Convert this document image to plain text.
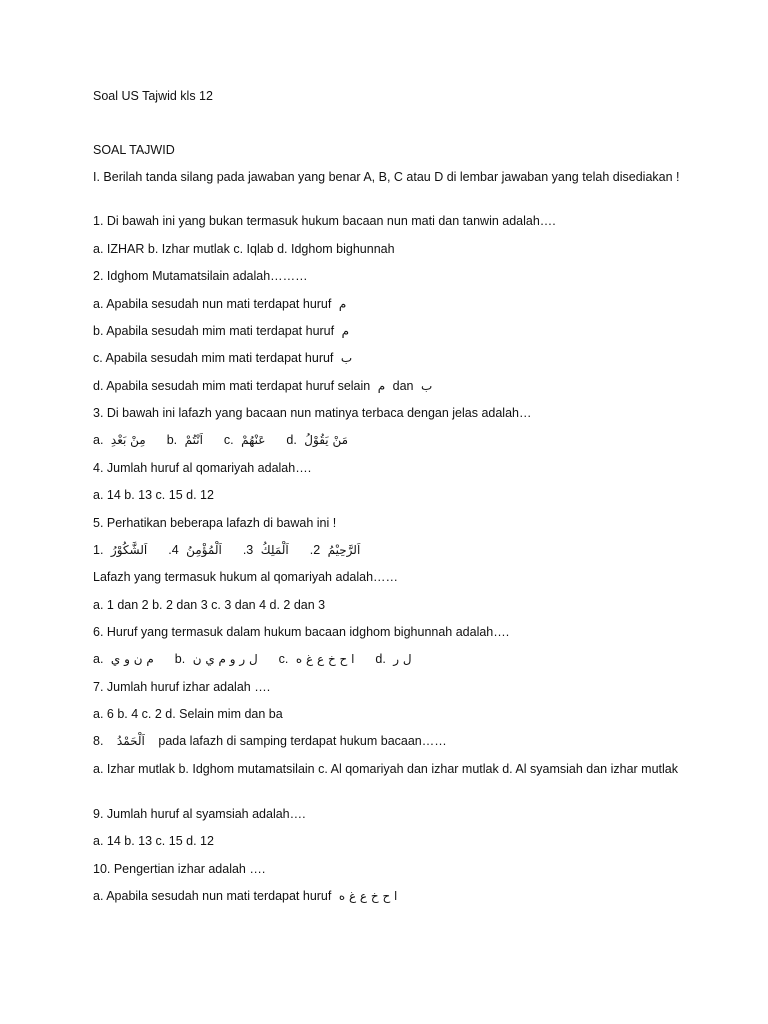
Soal US Tajwid kls 12
SOAL TAJWID
I. Berilah tanda silang pada jawaban yang benar A, B, C atau D di lembar jawaban yang telah disediakan !
1. Di bawah ini yang bukan termasuk hukum bacaan nun mati dan tanwin adalah….
a. IZHAR b. Izhar mutlak c. Iqlab d. Idghom bighunnah
2. Idghom Mutamatsilain adalah………
a. Apabila sesudah nun mati terdapat huruf م
b. Apabila sesudah mim mati terdapat huruf م
c. Apabila sesudah mim mati terdapat huruf ب
d. Apabila sesudah mim mati terdapat huruf selain م dan ب
3. Di bawah ini lafazh yang bacaan nun matinya terbaca dengan jelas adalah…
a. مِنْ بَعْدِ b. اَنْتُمْ c. عَنْهُمْ d. مَنْ يَقُوْلُ
4. Jumlah huruf al qomariyah adalah….
a. 14 b. 13 c. 15 d. 12
5. Perhatikan beberapa lafazh di bawah ini !
1. اَلشَّكُوْرُ .4 اَلْمُؤْمِنُ .3 اَلْمَلِكُ .2 اَلرَّحِيْمُ
Lafazh yang termasuk hukum al qomariyah adalah……
a. 1 dan 2 b. 2 dan 3 c. 3 dan 4 d. 2 dan 3
6. Huruf yang termasuk dalam hukum bacaan idghom bighunnah adalah….
a. م ن و ي b. ل ر و م ي ن c. ا ح خ ع غ ه d. ل ر
7. Jumlah huruf izhar adalah ….
a. 6 b. 4 c. 2 d. Selain mim dan ba
8. اَلْحَمْدُ pada lafazh di samping terdapat hukum bacaan……
a. Izhar mutlak b. Idghom mutamatsilain c. Al qomariyah dan izhar mutlak d. Al syamsiah dan izhar mutlak
9. Jumlah huruf al syamsiah adalah….
a. 14 b. 13 c. 15 d. 12
10. Pengertian izhar adalah ….
a. Apabila sesudah nun mati terdapat huruf ا ح خ ع غ ه
